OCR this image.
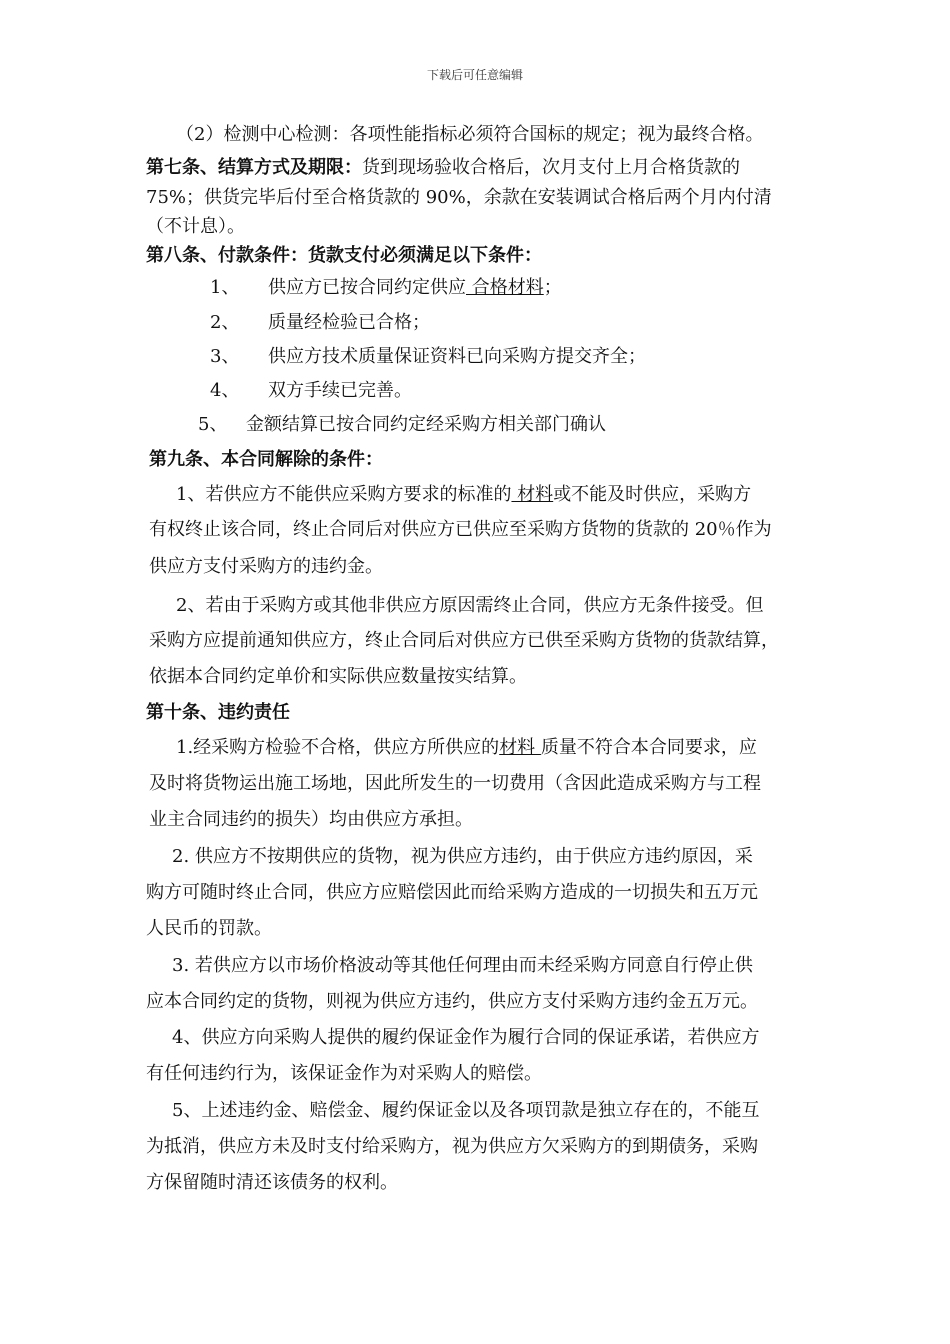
下载后可任意编辑
（2）检测中心检测：各项性能指标必须符合国标的规定；视为最终合格。
第七条、结算方式及期限：货到现场验收合格后，次月支付上月合格货款的
75%；供货完毕后付至合格货款的 90%，余款在安装调试合格后两个月内付清
（不计息）。
第八条、付款条件：货款支付必须满足以下条件：
1、 供应方已按合同约定供应 合格材料；
2、 质量经检验已合格；
3、 供应方技术质量保证资料已向采购方提交齐全；
4、 双方手续已完善。
5、 金额结算已按合同约定经采购方相关部门确认
第九条、本合同解除的条件：
1、若供应方不能供应采购方要求的标准的 材料或不能及时供应，采购方
有权终止该合同，终止合同后对供应方已供应至采购方货物的货款的 20％作为
供应方支付采购方的违约金。
2、若由于采购方或其他非供应方原因需终止合同，供应方无条件接受。但
采购方应提前通知供应方，终止合同后对供应方已供至采购方货物的货款结算，
依据本合同约定单价和实际供应数量按实结算。
第十条、违约责任
1.经采购方检验不合格，供应方所供应的材料 质量不符合本合同要求，应
及时将货物运出施工场地，因此所发生的一切费用（含因此造成采购方与工程
业主合同违约的损失）均由供应方承担。
2. 供应方不按期供应的货物，视为供应方违约，由于供应方违约原因，采
购方可随时终止合同，供应方应赔偿因此而给采购方造成的一切损失和五万元
人民币的罚款。
3. 若供应方以市场价格波动等其他任何理由而未经采购方同意自行停止供
应本合同约定的货物，则视为供应方违约，供应方支付采购方违约金五万元。
4、供应方向采购人提供的履约保证金作为履行合同的保证承诺，若供应方
有任何违约行为，该保证金作为对采购人的赔偿。
5、上述违约金、赔偿金、履约保证金以及各项罚款是独立存在的，不能互
为抵消，供应方未及时支付给采购方，视为供应方欠采购方的到期债务，采购
方保留随时清还该债务的权利。
